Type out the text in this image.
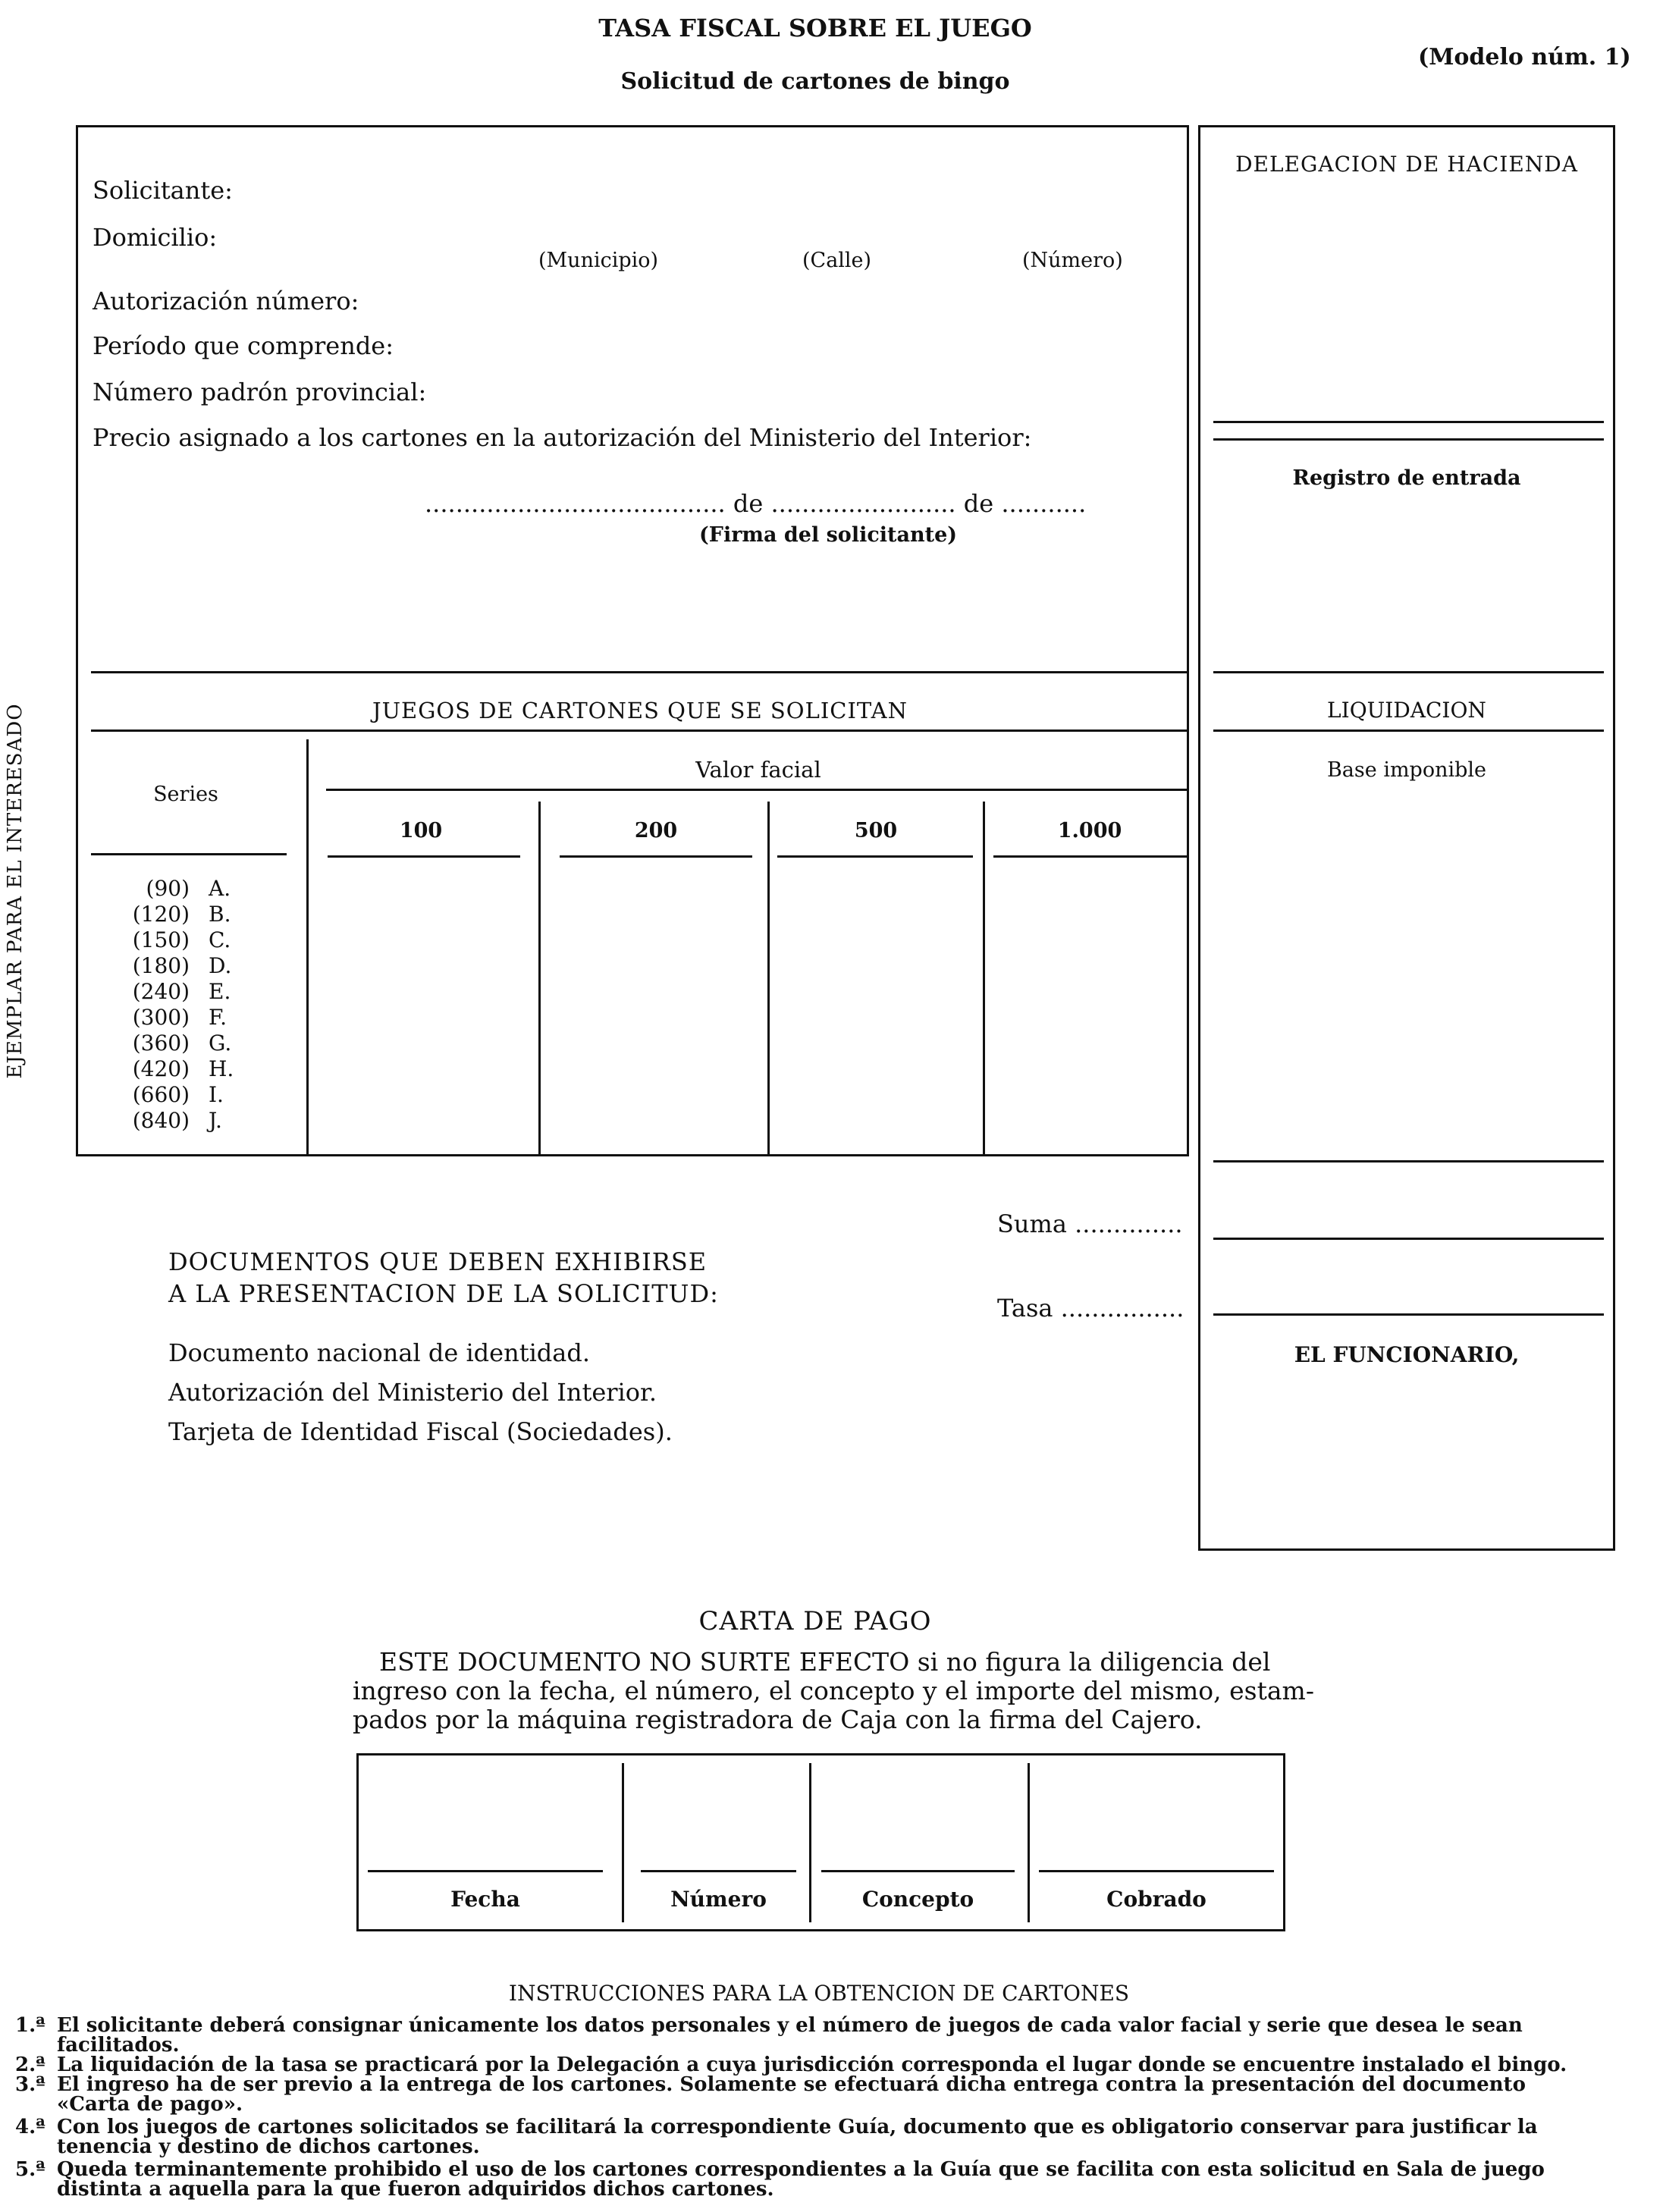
TASA FISCAL SOBRE EL JUEGO
Solicitud de cartones de bingo
(Modelo núm. 1)
EJEMPLAR PARA EL INTERESADO
Solicitante:
Domicilio:
(Municipio)	(Calle)	(Número)
Autorización número:
Período que comprende:
Número padrón provincial:
Precio asignado a los cartones en la autorización del Ministerio del Interior:
....................................... de ........................ de ...........
(Firma del solicitante)
JUEGOS DE CARTONES QUE SE SOLICITAN
Series
Valor facial
100	200	500	1.000
(90) A.
(120) B.
(150) C.
(180) D.
(240) E.
(300) F.
(360) G.
(420) H.
(660) I.
(840) J.
DELEGACION DE HACIENDA
Registro de entrada
LIQUIDACION
Base imponible
EL FUNCIONARIO,
Suma ..............
Tasa ................
DOCUMENTOS QUE DEBEN EXHIBIRSE
A LA PRESENTACION DE LA SOLICITUD:
Documento nacional de identidad.
Autorización del Ministerio del Interior.
Tarjeta de Identidad Fiscal (Sociedades).
CARTA DE PAGO
ESTE DOCUMENTO NO SURTE EFECTO si no figura la diligencia del
ingreso con la fecha, el número, el concepto y el importe del mismo, estam-
pados por la máquina registradora de Caja con la firma del Cajero.
Fecha	Número	Concepto	Cobrado
INSTRUCCIONES PARA LA OBTENCION DE CARTONES
1.ª El solicitante deberá consignar únicamente los datos personales y el número de juegos de cada valor facial y serie que desea le sean
facilitados.
2.ª La liquidación de la tasa se practicará por la Delegación a cuya jurisdicción corresponda el lugar donde se encuentre instalado el bingo.
3.ª El ingreso ha de ser previo a la entrega de los cartones. Solamente se efectuará dicha entrega contra la presentación del documento
«Carta de pago».
4.ª Con los juegos de cartones solicitados se facilitará la correspondiente Guía, documento que es obligatorio conservar para justificar la
tenencia y destino de dichos cartones.
5.ª Queda terminantemente prohibido el uso de los cartones correspondientes a la Guía que se facilita con esta solicitud en Sala de juego
distinta a aquella para la que fueron adquiridos dichos cartones.
